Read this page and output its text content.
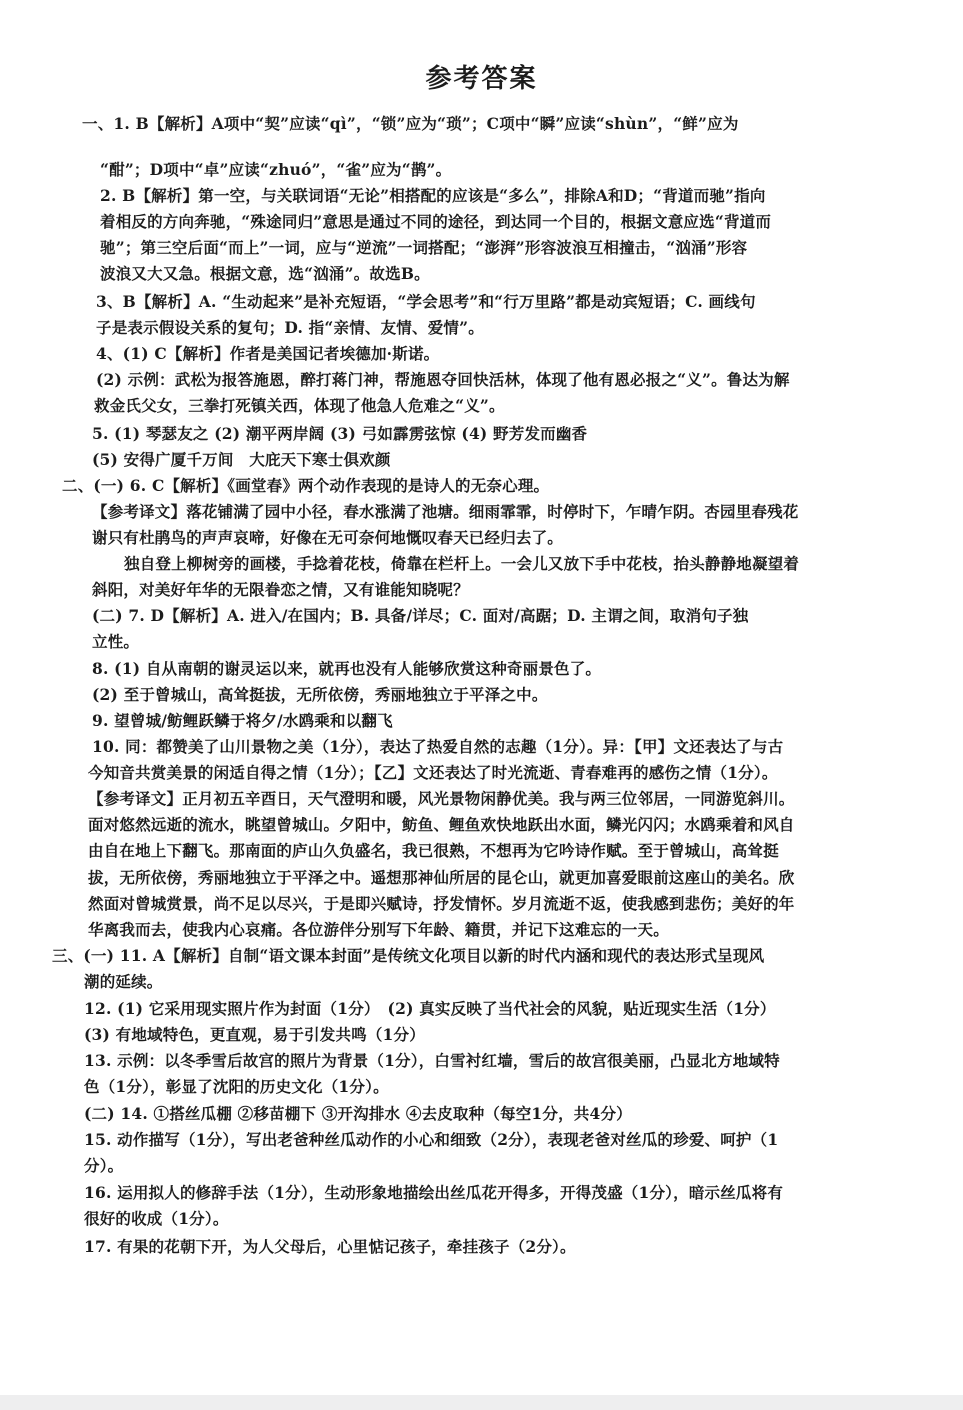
参考答案
一、1. B【解析】A项中“契”应读“qì”，“锁”应为“琐”；C项中“瞬”应读“shùn”，“鲜”应为
“酣”；D项中“卓”应读“zhuó”，“雀”应为“鹊”。
2. B【解析】第一空，与关联词语“无论”相搭配的应该是“多么”，排除A和D；“背道而驰”指向
着相反的方向奔驰，“殊途同归”意思是通过不同的途径，到达同一个目的，根据文意应选“背道而
驰”；第三空后面“而上”一词，应与“逆流”一词搭配；“澎湃”形容波浪互相撞击，“汹涌”形容
波浪又大又急。根据文意，选“汹涌”。故选B。
3、B【解析】A. “生动起来”是补充短语，“学会思考”和“行万里路”都是动宾短语；C. 画线句
子是表示假设关系的复句；D. 指“亲情、友情、爱情”。
4、(1) C【解析】作者是美国记者埃德加·斯诺。
(2) 示例：武松为报答施恩，醉打蒋门神，帮施恩夺回快活林，体现了他有恩必报之“义”。鲁达为解
救金氏父女，三拳打死镇关西，体现了他急人危难之“义”。
5. (1) 琴瑟友之 (2) 潮平两岸阔 (3) 弓如霹雳弦惊 (4) 野芳发而幽香
(5) 安得广厦千万间　大庇天下寒士俱欢颜
二、(一) 6. C【解析】《画堂春》两个动作表现的是诗人的无奈心理。
【参考译文】落花铺满了园中小径，春水涨满了池塘。细雨霏霏，时停时下，乍晴乍阴。杏园里春残花
谢只有杜鹃鸟的声声哀啼，好像在无可奈何地慨叹春天已经归去了。
独自登上柳树旁的画楼，手捻着花枝，倚靠在栏杆上。一会儿又放下手中花枝，抬头静静地凝望着
斜阳，对美好年华的无限眷恋之情，又有谁能知晓呢？
(二) 7. D【解析】A. 进入/在国内；B. 具备/详尽；C. 面对/高踞；D. 主谓之间，取消句子独
立性。
8. (1) 自从南朝的谢灵运以来，就再也没有人能够欣赏这种奇丽景色了。
(2) 至于曾城山，高耸挺拔，无所依傍，秀丽地独立于平泽之中。
9. 望曾城/鲂鲤跃鳞于将夕/水鸥乘和以翻飞
10. 同：都赞美了山川景物之美（1分），表达了热爱自然的志趣（1分）。异：【甲】文还表达了与古
今知音共赏美景的闲适自得之情（1分）；【乙】文还表达了时光流逝、青春难再的感伤之情（1分）。
【参考译文】正月初五辛酉日，天气澄明和暖，风光景物闲静优美。我与两三位邻居，一同游览斜川。
面对悠然远逝的流水，眺望曾城山。夕阳中，鲂鱼、鲤鱼欢快地跃出水面，鳞光闪闪；水鸥乘着和风自
由自在地上下翻飞。那南面的庐山久负盛名，我已很熟，不想再为它吟诗作赋。至于曾城山，高耸挺
拔，无所依傍，秀丽地独立于平泽之中。遥想那神仙所居的昆仑山，就更加喜爱眼前这座山的美名。欣
然面对曾城赏景，尚不足以尽兴，于是即兴赋诗，抒发情怀。岁月流逝不返，使我感到悲伤；美好的年
华离我而去，使我内心哀痛。各位游伴分别写下年龄、籍贯，并记下这难忘的一天。
三、(一) 11. A【解析】自制“语文课本封面”是传统文化项目以新的时代内涵和现代的表达形式呈现风
潮的延续。
12. (1) 它采用现实照片作为封面（1分）　(2) 真实反映了当代社会的风貌，贴近现实生活（1分）
(3) 有地域特色，更直观，易于引发共鸣（1分）
13. 示例：以冬季雪后故宫的照片为背景（1分），白雪衬红墙，雪后的故宫很美丽，凸显北方地域特
色（1分），彰显了沈阳的历史文化（1分）。
(二) 14. ①搭丝瓜棚 ②移苗棚下 ③开沟排水 ④去皮取种（每空1分，共4分）
15. 动作描写（1分），写出老爸种丝瓜动作的小心和细致（2分），表现老爸对丝瓜的珍爱、呵护（1
分）。
16. 运用拟人的修辞手法（1分），生动形象地描绘出丝瓜花开得多，开得茂盛（1分），暗示丝瓜将有
很好的收成（1分）。
17. 有果的花朝下开，为人父母后，心里惦记孩子，牵挂孩子（2分）。
